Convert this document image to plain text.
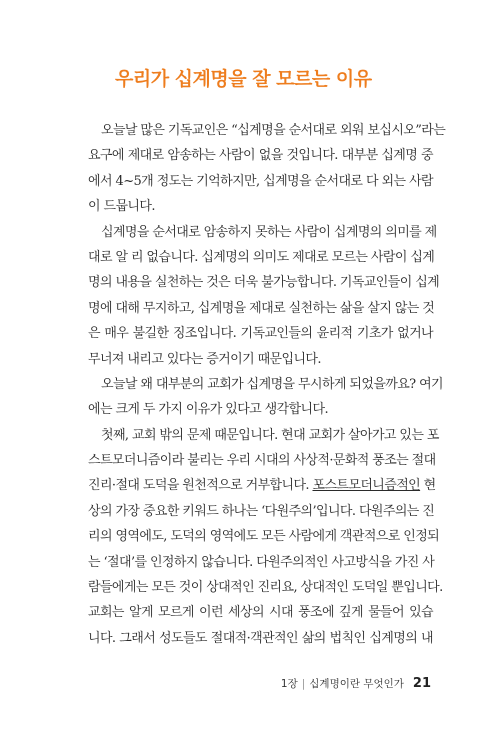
우리가 십계명을 잘 모르는 이유
오늘날 많은 기독교인은 “십계명을 순서대로 외워 보십시오”라는
요구에 제대로 암송하는 사람이 없을 것입니다. 대부분 십계명 중
에서 4~5개 정도는 기억하지만, 십계명을 순서대로 다 외는 사람
이 드뭅니다.
십계명을 순서대로 암송하지 못하는 사람이 십계명의 의미를 제
대로 알 리 없습니다. 십계명의 의미도 제대로 모르는 사람이 십계
명의 내용을 실천하는 것은 더욱 불가능합니다. 기독교인들이 십계
명에 대해 무지하고, 십계명을 제대로 실천하는 삶을 살지 않는 것
은 매우 불길한 징조입니다. 기독교인들의 윤리적 기초가 없거나
무너져 내리고 있다는 증거이기 때문입니다.
오늘날 왜 대부분의 교회가 십계명을 무시하게 되었을까요? 여기
에는 크게 두 가지 이유가 있다고 생각합니다.
첫째, 교회 밖의 문제 때문입니다. 현대 교회가 살아가고 있는 포
스트모더니즘이라 불리는 우리 시대의 사상적·문화적 풍조는 절대
진리·절대 도덕을 원천적으로 거부합니다. 포스트모더니즘적인 현
상의 가장 중요한 키워드 하나는 ‘다원주의’입니다. 다원주의는 진
리의 영역에도, 도덕의 영역에도 모든 사람에게 객관적으로 인정되
는 ‘절대’를 인정하지 않습니다. 다원주의적인 사고방식을 가진 사
람들에게는 모든 것이 상대적인 진리요, 상대적인 도덕일 뿐입니다.
교회는 알게 모르게 이런 세상의 시대 풍조에 깊게 물들어 있습
니다. 그래서 성도들도 절대적·객관적인 삶의 법칙인 십계명의 내
1장 | 십계명이란 무엇인가 21
